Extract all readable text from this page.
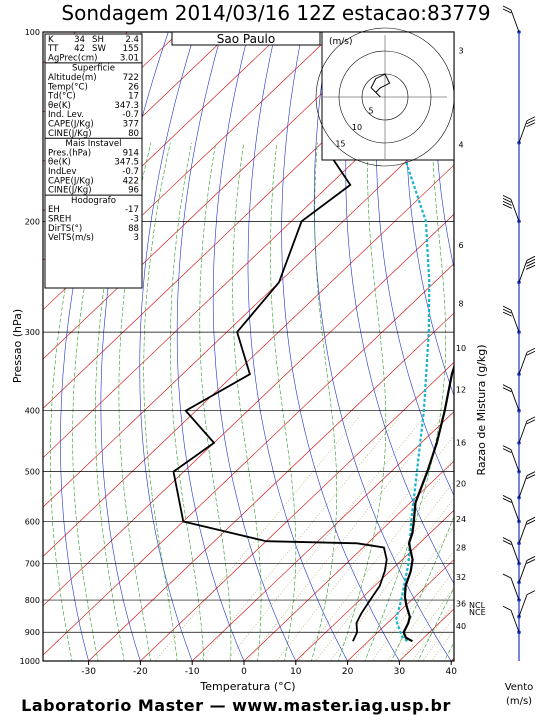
Sondagem 2014/03/16 12Z estacao:83779
Sao Paulo
5
10
15
(m/s)
100
200
300
400
500
600
700
800
900
1000
-30	-20	-10	0	10	20	30	40
3
4
6
8
10
12
16
20
24
28
32
36
40
Pressao (hPa)
Temperatura (°C)
Razao de Mistura (g/kg)
NCL
NCE
Vento
(m/s)
Laboratorio Master — www.master.iag.usp.br
K 34 SH 2.4
TT 42 SW 155
AgPrec(cm)	3.01
Superficie
Altitude(m)	722
Temp(°C)	26
Td(°C)	17
θe(K)	347.3
Ind. Lev.	-0.7
CAPE(J/Kg)	377
CINE(J/Kg)	80
Mais Instavel
Pres.(hPa)	914
θe(K)	347.5
IndLev	-0.7
CAPE(J/Kg)	422
CINE(J/Kg)	96
Hodografo
EH	-17
SREH	-3
DirTS(°)	88
VelTS(m/s)	3
